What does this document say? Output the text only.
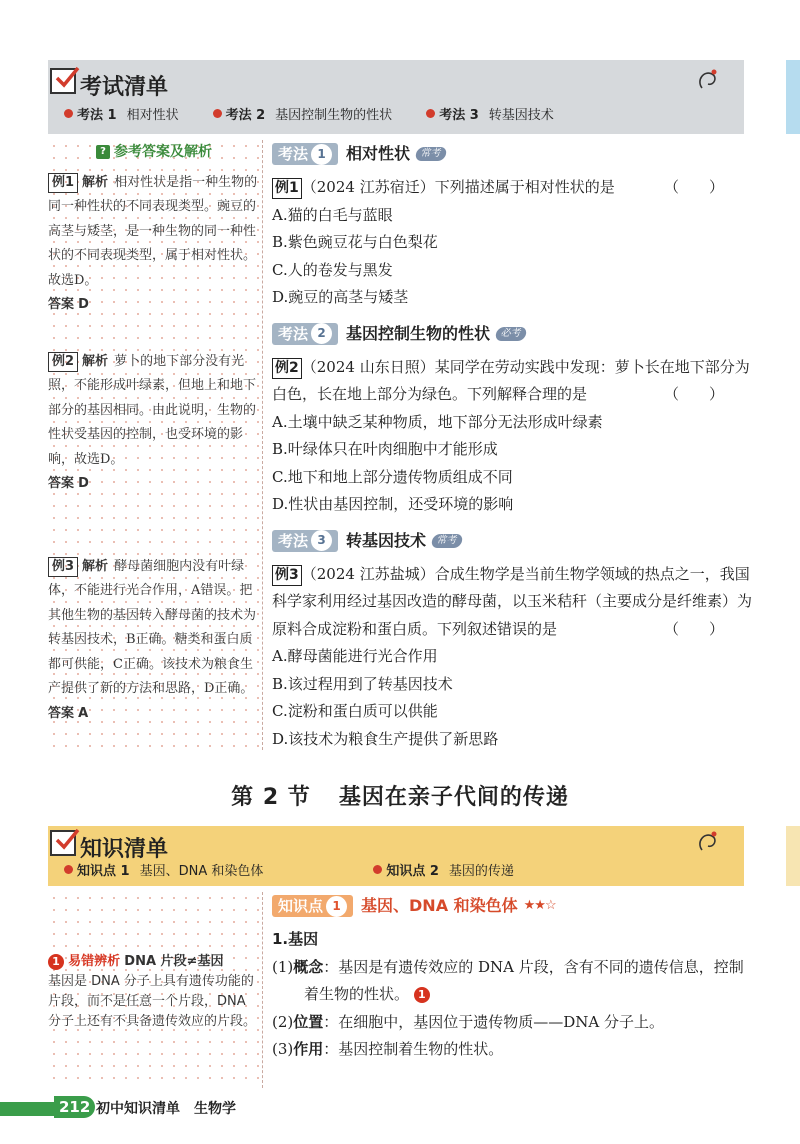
考试清单
考法 1 相对性状	考法 2 基因控制生物的性状	考法 3 转基因技术
? 参考答案及解析
例1 解析 相对性状是指一种生物的同一种性状的不同表现类型。豌豆的高茎与矮茎，是一种生物的同一种性状的不同表现类型，属于相对性状。故选D。
答案 D
例2 解析 萝卜的地下部分没有光照，不能形成叶绿素，但地上和地下部分的基因相同。由此说明，生物的性状受基因的控制，也受环境的影响，故选D。
答案 D
例3 解析 酵母菌细胞内没有叶绿体，不能进行光合作用，A错误。把其他生物的基因转入酵母菌的技术为转基因技术，B正确。糖类和蛋白质都可供能，C正确。该技术为粮食生产提供了新的方法和思路，D正确。
答案 A
考法 1	相对性状 常考
例1 （2024 江苏宿迁）下列描述属于相对性状的是	（　　）
A.猫的白毛与蓝眼
B.紫色豌豆花与白色梨花
C.人的卷发与黑发
D.豌豆的高茎与矮茎
考法 2	基因控制生物的性状 必考
例2 （2024 山东日照）某同学在劳动实践中发现：萝卜长在地下部分为白色，长在地上部分为绿色。下列解释合理的是	（　　）
A.土壤中缺乏某种物质，地下部分无法形成叶绿素
B.叶绿体只在叶肉细胞中才能形成
C.地下和地上部分遗传物质组成不同
D.性状由基因控制，还受环境的影响
考法 3	转基因技术 常考
例3 （2024 江苏盐城）合成生物学是当前生物学领域的热点之一，我国科学家利用经过基因改造的酵母菌，以玉米秸秆（主要成分是纤维素）为原料合成淀粉和蛋白质。下列叙述错误的是	（　　）
A.酵母菌能进行光合作用
B.该过程用到了转基因技术
C.淀粉和蛋白质可以供能
D.该技术为粮食生产提供了新思路
第 2 节 基因在亲子代间的传递
知识清单
知识点 1 基因、DNA 和染色体	知识点 2 基因的传递
1 易错辨析 DNA 片段≠基因
基因是 DNA 分子上具有遗传功能的片段，而不是任意一个片段，DNA 分子上还有不具备遗传效应的片段。
知识点 1	基因、DNA 和染色体 ★★☆
1.基因
(1)概念：基因是有遗传效应的 DNA 片段，含有不同的遗传信息，控制着生物的性状。 1
(2)位置：在细胞中，基因位于遗传物质——DNA 分子上。
(3)作用：基因控制着生物的性状。
212 初中知识清单　生物学
